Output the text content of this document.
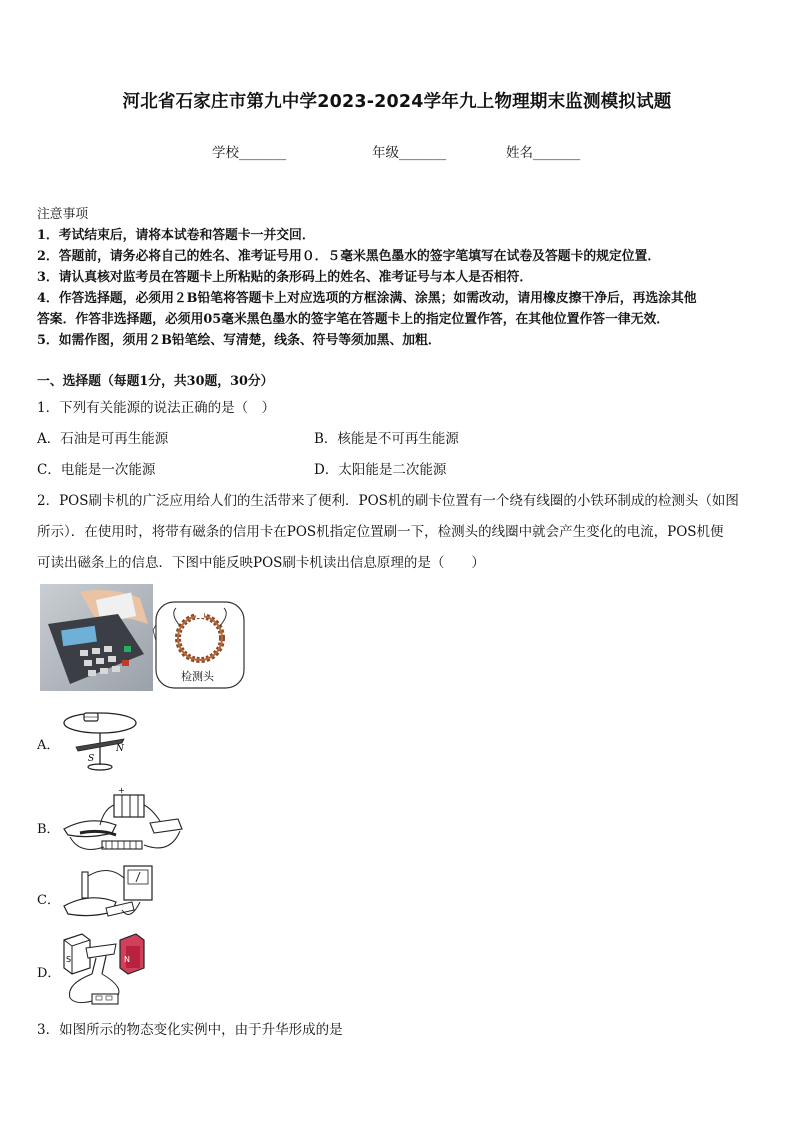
河北省石家庄市第九中学2023-2024学年九上物理期末监测模拟试题
学校_______	年级_______	姓名_______
注意事项
1．考试结束后，请将本试卷和答题卡一并交回．
2．答题前，请务必将自己的姓名、准考证号用０．５毫米黑色墨水的签字笔填写在试卷及答题卡的规定位置．
3．请认真核对监考员在答题卡上所粘贴的条形码上的姓名、准考证号与本人是否相符．
4．作答选择题，必须用２B铅笔将答题卡上对应选项的方框涂满、涂黑；如需改动，请用橡皮擦干净后，再选涂其他
答案．作答非选择题，必须用05毫米黑色墨水的签字笔在答题卡上的指定位置作答，在其他位置作答一律无效．
5．如需作图，须用２B铅笔绘、写清楚，线条、符号等须加黑、加粗．
一、选择题（每题1分，共30题，30分）
1．下列有关能源的说法正确的是（　）
A．石油是可再生能源	B．核能是不可再生能源
C．电能是一次能源	D．太阳能是二次能源
2．POS刷卡机的广泛应用给人们的生活带来了便利．POS机的刷卡位置有一个绕有线圈的小铁环制成的检测头（如图
所示）．在使用时，将带有磁条的信用卡在POS机指定位置刷一下，检测头的线圈中就会产生变化的电流，POS机便
可读出磁条上的信息．下图中能反映POS刷卡机读出信息原理的是（　　）
检测头
A．
S
N
B．
+
C．
D．
S	N
3．如图所示的物态变化实例中，由于升华形成的是
